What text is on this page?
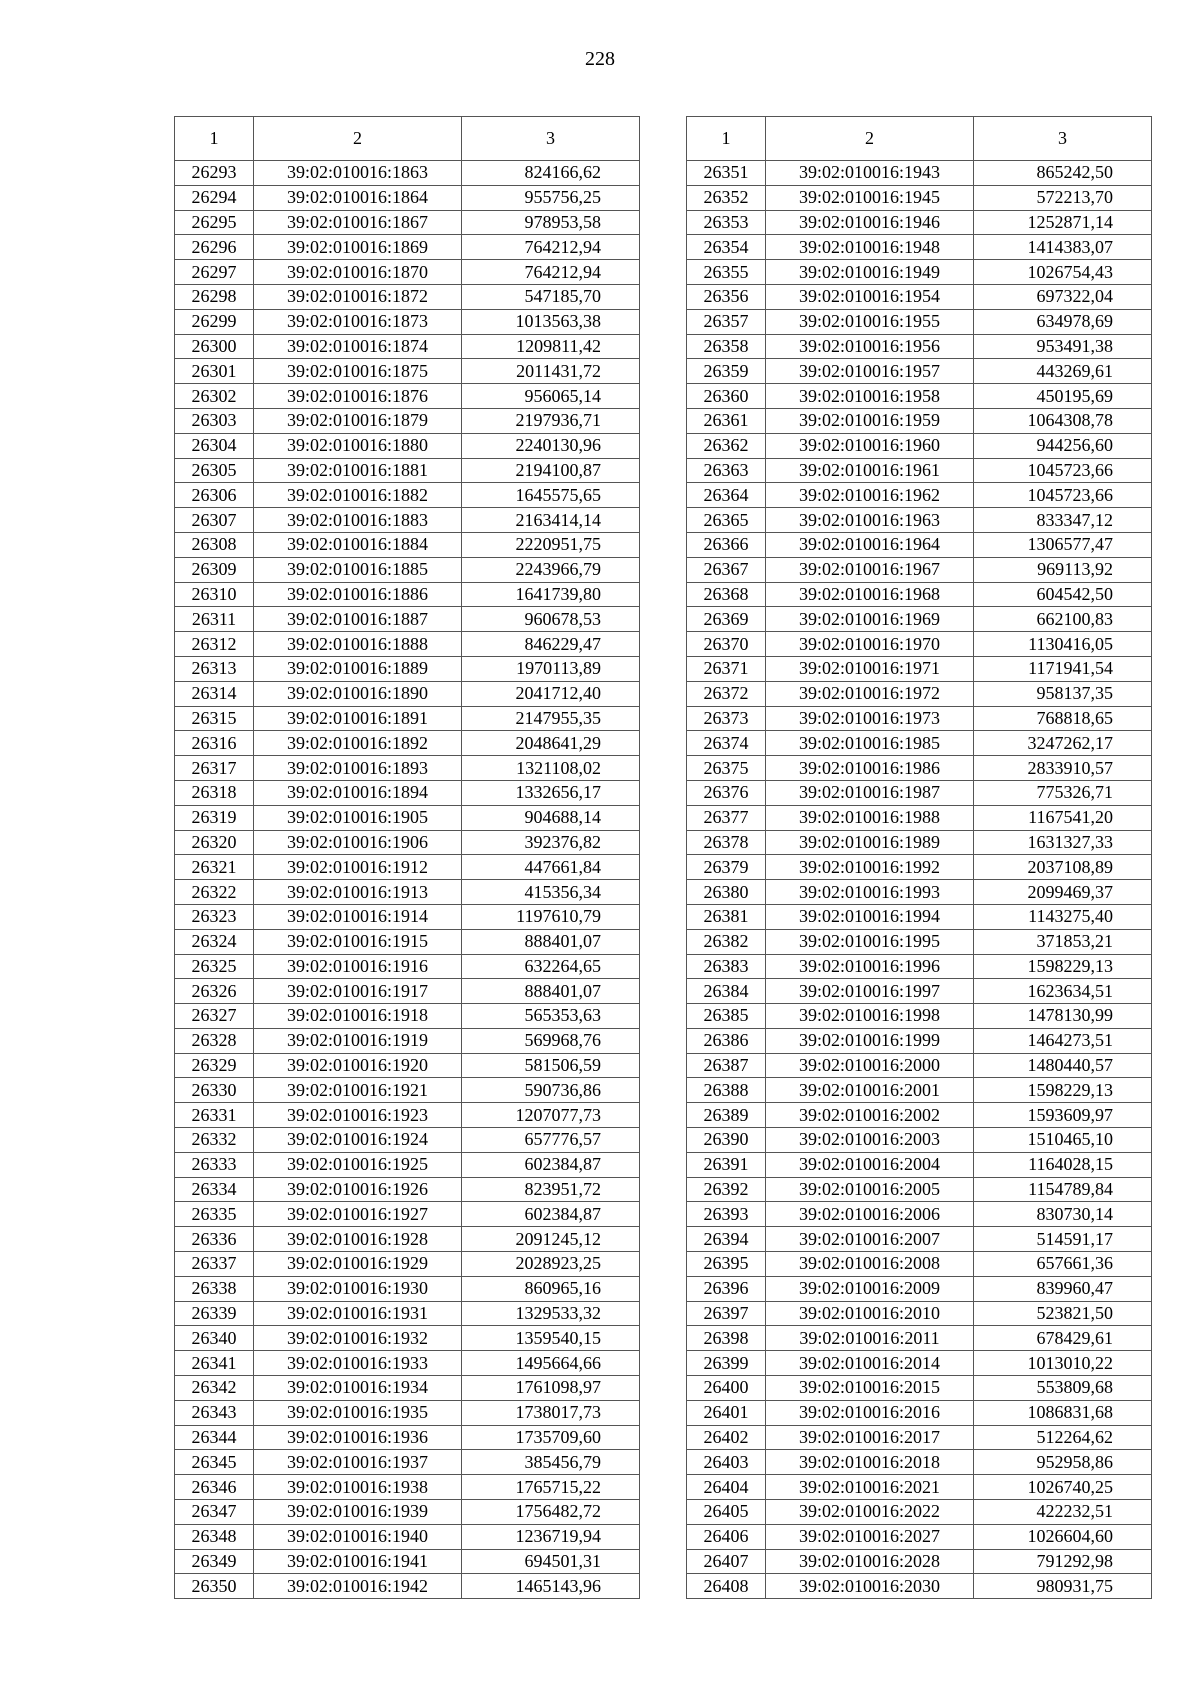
228
1	2	3
26293	39:02:010016:1863	824166,62
26294	39:02:010016:1864	955756,25
26295	39:02:010016:1867	978953,58
26296	39:02:010016:1869	764212,94
26297	39:02:010016:1870	764212,94
26298	39:02:010016:1872	547185,70
26299	39:02:010016:1873	1013563,38
26300	39:02:010016:1874	1209811,42
26301	39:02:010016:1875	2011431,72
26302	39:02:010016:1876	956065,14
26303	39:02:010016:1879	2197936,71
26304	39:02:010016:1880	2240130,96
26305	39:02:010016:1881	2194100,87
26306	39:02:010016:1882	1645575,65
26307	39:02:010016:1883	2163414,14
26308	39:02:010016:1884	2220951,75
26309	39:02:010016:1885	2243966,79
26310	39:02:010016:1886	1641739,80
26311	39:02:010016:1887	960678,53
26312	39:02:010016:1888	846229,47
26313	39:02:010016:1889	1970113,89
26314	39:02:010016:1890	2041712,40
26315	39:02:010016:1891	2147955,35
26316	39:02:010016:1892	2048641,29
26317	39:02:010016:1893	1321108,02
26318	39:02:010016:1894	1332656,17
26319	39:02:010016:1905	904688,14
26320	39:02:010016:1906	392376,82
26321	39:02:010016:1912	447661,84
26322	39:02:010016:1913	415356,34
26323	39:02:010016:1914	1197610,79
26324	39:02:010016:1915	888401,07
26325	39:02:010016:1916	632264,65
26326	39:02:010016:1917	888401,07
26327	39:02:010016:1918	565353,63
26328	39:02:010016:1919	569968,76
26329	39:02:010016:1920	581506,59
26330	39:02:010016:1921	590736,86
26331	39:02:010016:1923	1207077,73
26332	39:02:010016:1924	657776,57
26333	39:02:010016:1925	602384,87
26334	39:02:010016:1926	823951,72
26335	39:02:010016:1927	602384,87
26336	39:02:010016:1928	2091245,12
26337	39:02:010016:1929	2028923,25
26338	39:02:010016:1930	860965,16
26339	39:02:010016:1931	1329533,32
26340	39:02:010016:1932	1359540,15
26341	39:02:010016:1933	1495664,66
26342	39:02:010016:1934	1761098,97
26343	39:02:010016:1935	1738017,73
26344	39:02:010016:1936	1735709,60
26345	39:02:010016:1937	385456,79
26346	39:02:010016:1938	1765715,22
26347	39:02:010016:1939	1756482,72
26348	39:02:010016:1940	1236719,94
26349	39:02:010016:1941	694501,31
26350	39:02:010016:1942	1465143,96
1	2	3
26351	39:02:010016:1943	865242,50
26352	39:02:010016:1945	572213,70
26353	39:02:010016:1946	1252871,14
26354	39:02:010016:1948	1414383,07
26355	39:02:010016:1949	1026754,43
26356	39:02:010016:1954	697322,04
26357	39:02:010016:1955	634978,69
26358	39:02:010016:1956	953491,38
26359	39:02:010016:1957	443269,61
26360	39:02:010016:1958	450195,69
26361	39:02:010016:1959	1064308,78
26362	39:02:010016:1960	944256,60
26363	39:02:010016:1961	1045723,66
26364	39:02:010016:1962	1045723,66
26365	39:02:010016:1963	833347,12
26366	39:02:010016:1964	1306577,47
26367	39:02:010016:1967	969113,92
26368	39:02:010016:1968	604542,50
26369	39:02:010016:1969	662100,83
26370	39:02:010016:1970	1130416,05
26371	39:02:010016:1971	1171941,54
26372	39:02:010016:1972	958137,35
26373	39:02:010016:1973	768818,65
26374	39:02:010016:1985	3247262,17
26375	39:02:010016:1986	2833910,57
26376	39:02:010016:1987	775326,71
26377	39:02:010016:1988	1167541,20
26378	39:02:010016:1989	1631327,33
26379	39:02:010016:1992	2037108,89
26380	39:02:010016:1993	2099469,37
26381	39:02:010016:1994	1143275,40
26382	39:02:010016:1995	371853,21
26383	39:02:010016:1996	1598229,13
26384	39:02:010016:1997	1623634,51
26385	39:02:010016:1998	1478130,99
26386	39:02:010016:1999	1464273,51
26387	39:02:010016:2000	1480440,57
26388	39:02:010016:2001	1598229,13
26389	39:02:010016:2002	1593609,97
26390	39:02:010016:2003	1510465,10
26391	39:02:010016:2004	1164028,15
26392	39:02:010016:2005	1154789,84
26393	39:02:010016:2006	830730,14
26394	39:02:010016:2007	514591,17
26395	39:02:010016:2008	657661,36
26396	39:02:010016:2009	839960,47
26397	39:02:010016:2010	523821,50
26398	39:02:010016:2011	678429,61
26399	39:02:010016:2014	1013010,22
26400	39:02:010016:2015	553809,68
26401	39:02:010016:2016	1086831,68
26402	39:02:010016:2017	512264,62
26403	39:02:010016:2018	952958,86
26404	39:02:010016:2021	1026740,25
26405	39:02:010016:2022	422232,51
26406	39:02:010016:2027	1026604,60
26407	39:02:010016:2028	791292,98
26408	39:02:010016:2030	980931,75
